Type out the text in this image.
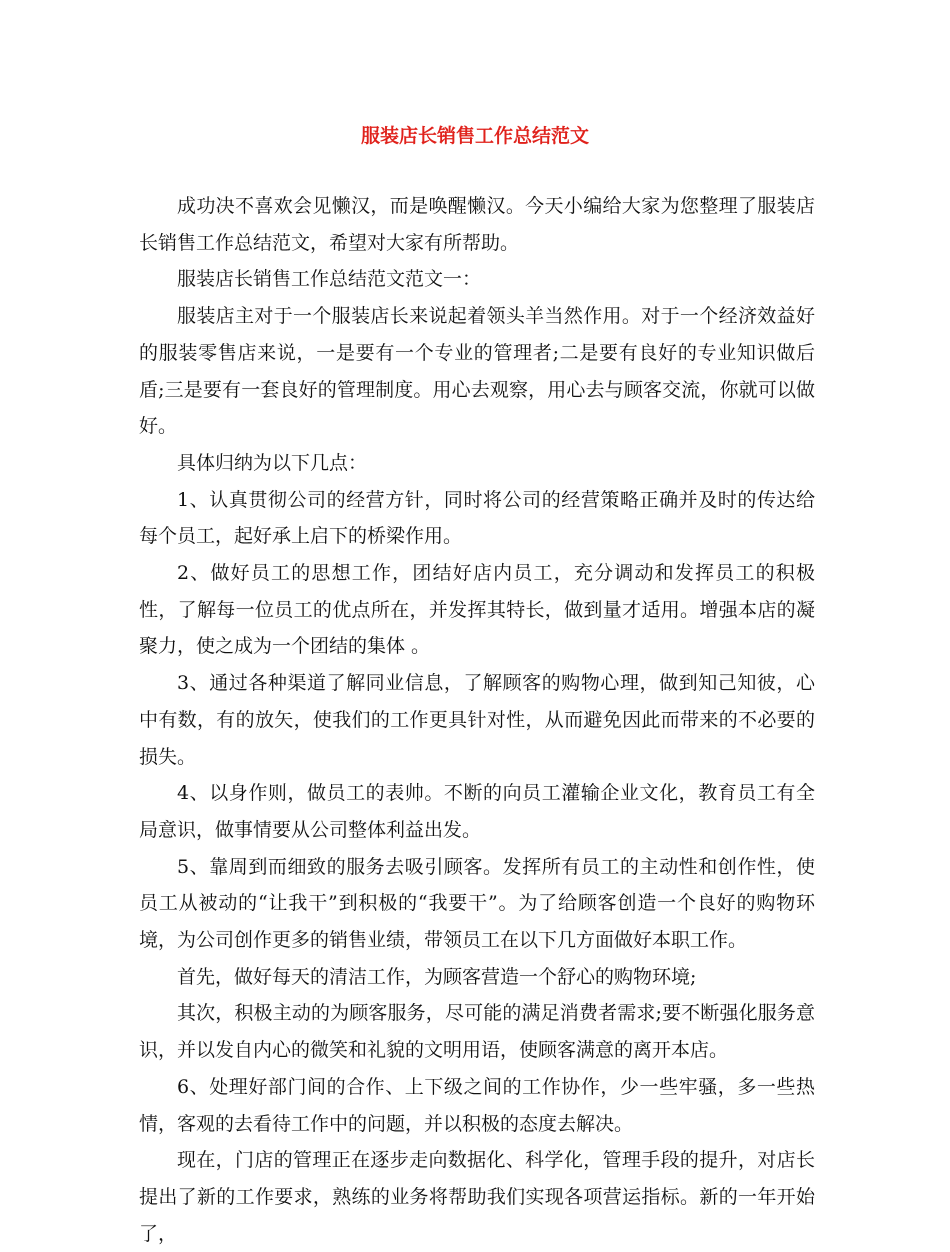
服装店长销售工作总结范文

成功决不喜欢会见懒汉，而是唤醒懒汉。今天小编给大家为您整理了服装店长销售工作总结范文，希望对大家有所帮助。

服装店长销售工作总结范文范文一：

服装店主对于一个服装店长来说起着领头羊当然作用。对于一个经济效益好的服装零售店来说，一是要有一个专业的管理者;二是要有良好的专业知识做后盾;三是要有一套良好的管理制度。用心去观察，用心去与顾客交流，你就可以做好。

具体归纳为以下几点：

1、认真贯彻公司的经营方针，同时将公司的经营策略正确并及时的传达给每个员工，起好承上启下的桥梁作用。

2、做好员工的思想工作，团结好店内员工，充分调动和发挥员工的积极性，了解每一位员工的优点所在，并发挥其特长，做到量才适用。增强本店的凝聚力，使之成为一个团结的集体 。

3、通过各种渠道了解同业信息，了解顾客的购物心理，做到知己知彼，心中有数，有的放矢，使我们的工作更具针对性，从而避免因此而带来的不必要的损失。

4、以身作则，做员工的表帅。不断的向员工灌输企业文化，教育员工有全局意识，做事情要从公司整体利益出发。

5、靠周到而细致的服务去吸引顾客。发挥所有员工的主动性和创作性，使员工从被动的“让我干”到积极的“我要干”。为了给顾客创造一个良好的购物环境，为公司创作更多的销售业绩，带领员工在以下几方面做好本职工作。

首先，做好每天的清洁工作，为顾客营造一个舒心的购物环境;

其次，积极主动的为顾客服务，尽可能的满足消费者需求;要不断强化服务意识，并以发自内心的微笑和礼貌的文明用语，使顾客满意的离开本店。

6、处理好部门间的合作、上下级之间的工作协作，少一些牢骚，多一些热情，客观的去看待工作中的问题，并以积极的态度去解决。

现在，门店的管理正在逐步走向数据化、科学化，管理手段的提升，对店长提出了新的工作要求，熟练的业务将帮助我们实现各项营运指标。新的一年开始了，
